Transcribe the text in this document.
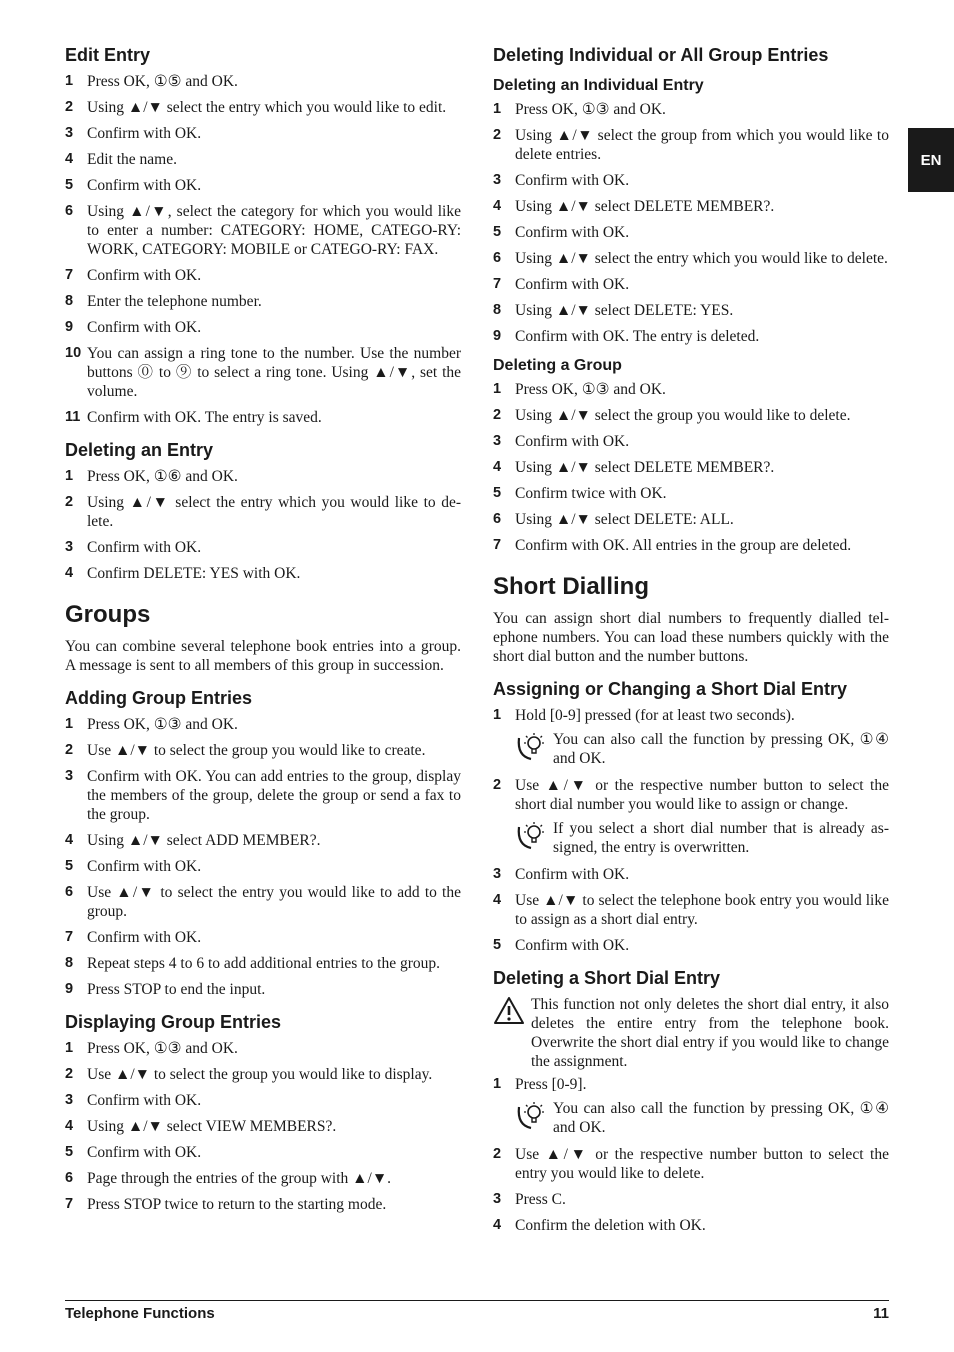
Edit Entry
1 Press OK, ①⑤ and OK.
2 Using ▲/▼ select the entry which you would like to edit.
3 Confirm with OK.
4 Edit the name.
5 Confirm with OK.
6 Using ▲/▼, select the category for which you would like to enter a number: CATEGORY: HOME, CATEGO-RY: WORK, CATEGORY: MOBILE or CATEGO-RY: FAX.
7 Confirm with OK.
8 Enter the telephone number.
9 Confirm with OK.
10 You can assign a ring tone to the number. Use the number buttons ⓪ to ⑨ to select a ring tone. Using ▲/▼, set the volume.
11 Confirm with OK. The entry is saved.
Deleting an Entry
1 Press OK, ①⑥ and OK.
2 Using ▲/▼ select the entry which you would like to de-lete.
3 Confirm with OK.
4 Confirm DELETE: YES with OK.
Groups

You can combine several telephone book entries into a group. A message is sent to all members of this group in succession.

Adding Group Entries
1 Press OK, ①③ and OK.
2 Use ▲/▼ to select the group you would like to create.
3 Confirm with OK. You can add entries to the group, display the members of the group, delete the group or send a fax to the group.
4 Using ▲/▼ select ADD MEMBER?.
5 Confirm with OK.
6 Use ▲/▼ to select the entry you would like to add to the group.
7 Confirm with OK.
8 Repeat steps 4 to 6 to add additional entries to the group.
9 Press STOP to end the input.
Displaying Group Entries
1 Press OK, ①③ and OK.
2 Use ▲/▼ to select the group you would like to display.
3 Confirm with OK.
4 Using ▲/▼ select VIEW MEMBERS?.
5 Confirm with OK.
6 Page through the entries of the group with ▲/▼.
7 Press STOP twice to return to the starting mode.
Deleting Individual or All Group Entries
Deleting an Individual Entry
1 Press OK, ①③ and OK.
2 Using ▲/▼ select the group from which you would like to delete entries.
3 Confirm with OK.
4 Using ▲/▼ select DELETE MEMBER?.
5 Confirm with OK.
6 Using ▲/▼ select the entry which you would like to delete.
7 Confirm with OK.
8 Using ▲/▼ select DELETE: YES.
9 Confirm with OK. The entry is deleted.
Deleting a Group
1 Press OK, ①③ and OK.
2 Using ▲/▼ select the group you would like to delete.
3 Confirm with OK.
4 Using ▲/▼ select DELETE MEMBER?.
5 Confirm twice with OK.
6 Using ▲/▼ select DELETE: ALL.
7 Confirm with OK. All entries in the group are deleted.
Short Dialling

You can assign short dial numbers to frequently dialled tel-ephone numbers. You can load these numbers quickly with the short dial button and the number buttons.

Assigning or Changing a Short Dial Entry
1 Hold [0-9] pressed (for at least two seconds).
You can also call the function by pressing OK, ①④ and OK.
2 Use ▲/▼ or the respective number button to select the short dial number you would like to assign or change.
If you select a short dial number that is already as-signed, the entry is overwritten.
3 Confirm with OK.
4 Use ▲/▼ to select the telephone book entry you would like to assign as a short dial entry.
5 Confirm with OK.
Deleting a Short Dial Entry
This function not only deletes the short dial entry, it also deletes the entire entry from the telephone book. Overwrite the short dial entry if you would like to change the assignment.
1 Press [0-9].
You can also call the function by pressing OK, ①④ and OK.
2 Use ▲/▼ or the respective number button to select the entry you would like to delete.
3 Press C.
4 Confirm the deletion with OK.
EN
Telephone Functions	11
